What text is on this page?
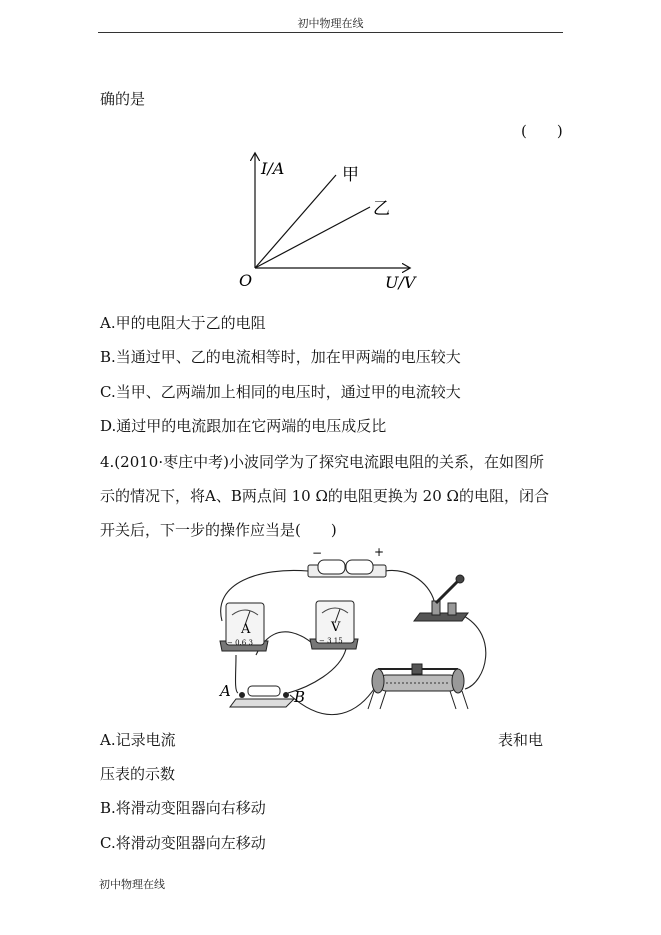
初中物理在线
确的是
(　　)
I/A
U/V
O
甲
乙
A.甲的电阻大于乙的电阻
B.当通过甲、乙的电流相等时，加在甲两端的电压较大
C.当甲、乙两端加上相同的电压时，通过甲的电流较大
D.通过甲的电流跟加在它两端的电压成反比
4.(2010·枣庄中考)小波同学为了探究电流跟电阻的关系，在如图所
示的情况下，将A、B两点间 10 Ω的电阻更换为 20 Ω的电阻，闭合
开关后，下一步的操作应当是(　　)
−	+
A
− 0.6 3
V
− 3 15
A	B
A.记录电流	表和电
压表的示数
B.将滑动变阻器向右移动
C.将滑动变阻器向左移动
初中物理在线
